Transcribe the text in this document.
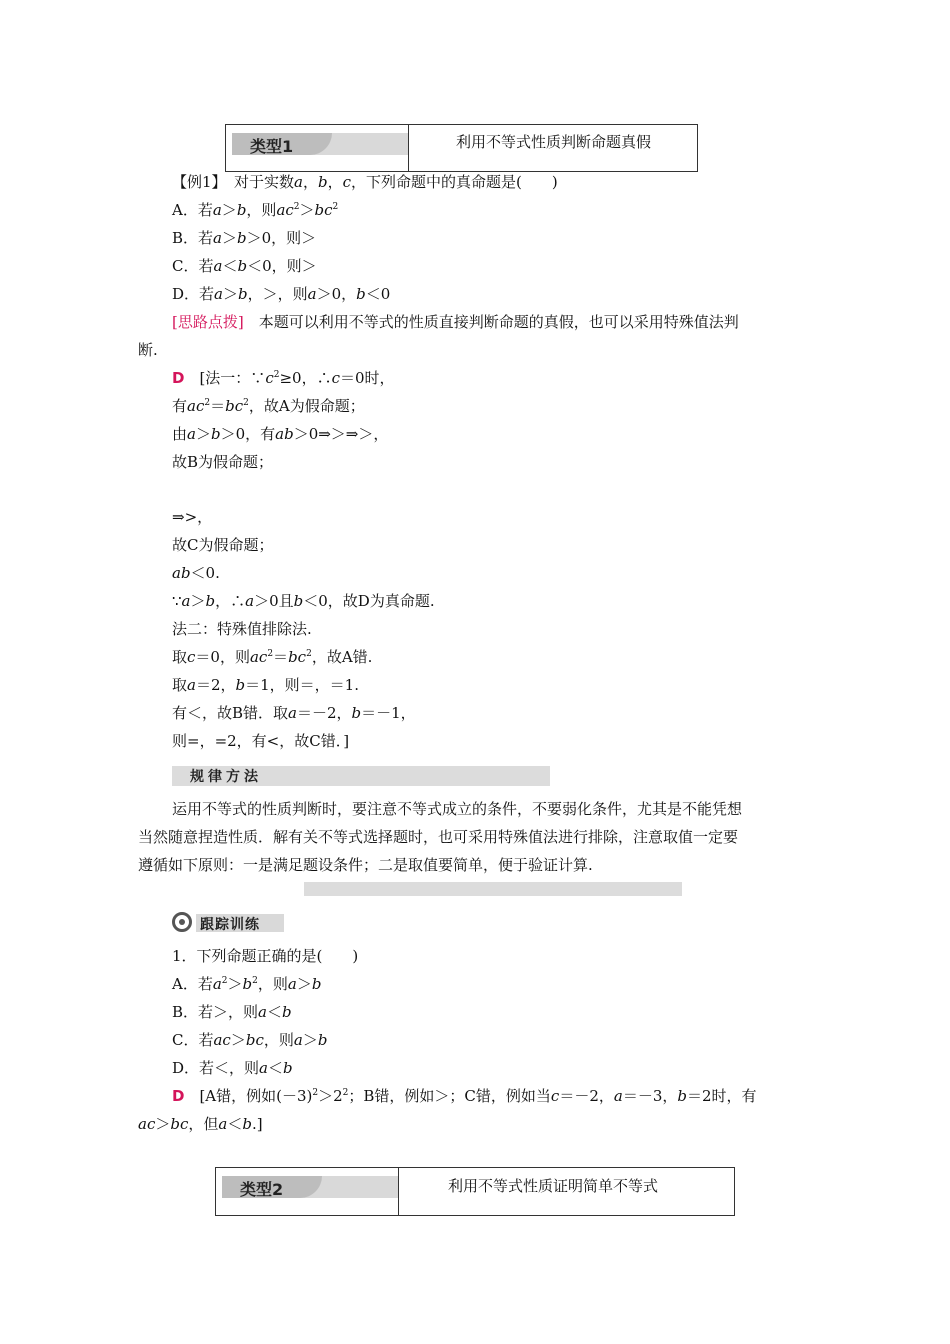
类型1	利用不等式性质判断命题真假
【例1】　对于实数a，b，c，下列命题中的真命题是(　　)
A．若a＞b，则$ac^2>bc^2$
B．若a＞b＞0，则＞
C．若a＜b＜0，则＞
D．若a＞b，＞，则a＞0，b＜0
[思路点拨]　 本题可以利用不等式的性质直接判断命题的真假，也可以采用特殊值法判
断.
D　[法一：$\because c^2\ge 0$，∴c＝0时，
有$ac^2=bc^2$，故A为假命题；
由a＞b＞0，有ab＞0⇒＞⇒＞，
故B为假命题；
⇒>，
故C为假命题；
ab＜0.
∵a＞b，∴a＞0且b＜0，故D为真命题.
法二：特殊值排除法.
取c＝0，则$ac^2=bc^2$，故A错.
取a＝2，b＝1，则＝，＝1.
有＜，故B错．取a＝－2，b＝－1，
则=，=2，有<，故C错．]
规律方法
运用不等式的性质判断时，要注意不等式成立的条件，不要弱化条件，尤其是不能凭想
当然随意捏造性质．解有关不等式选择题时，也可采用特殊值法进行排除，注意取值一定要
遵循如下原则：一是满足题设条件；二是取值要简单，便于验证计算.
跟踪训练
1．下列命题正确的是(　　)
A．若$a^2>b^2$，则a＞b
B．若＞，则a＜b
C．若ac＞bc，则a＞b
D．若＜，则a＜b
D　[A错，例如$(-3)^2>2^2$；B错，例如＞；C错，例如当c＝－2，a＝－3，b＝2时，有
ac＞bc，但a＜b.]
类型2	利用不等式性质证明简单不等式
